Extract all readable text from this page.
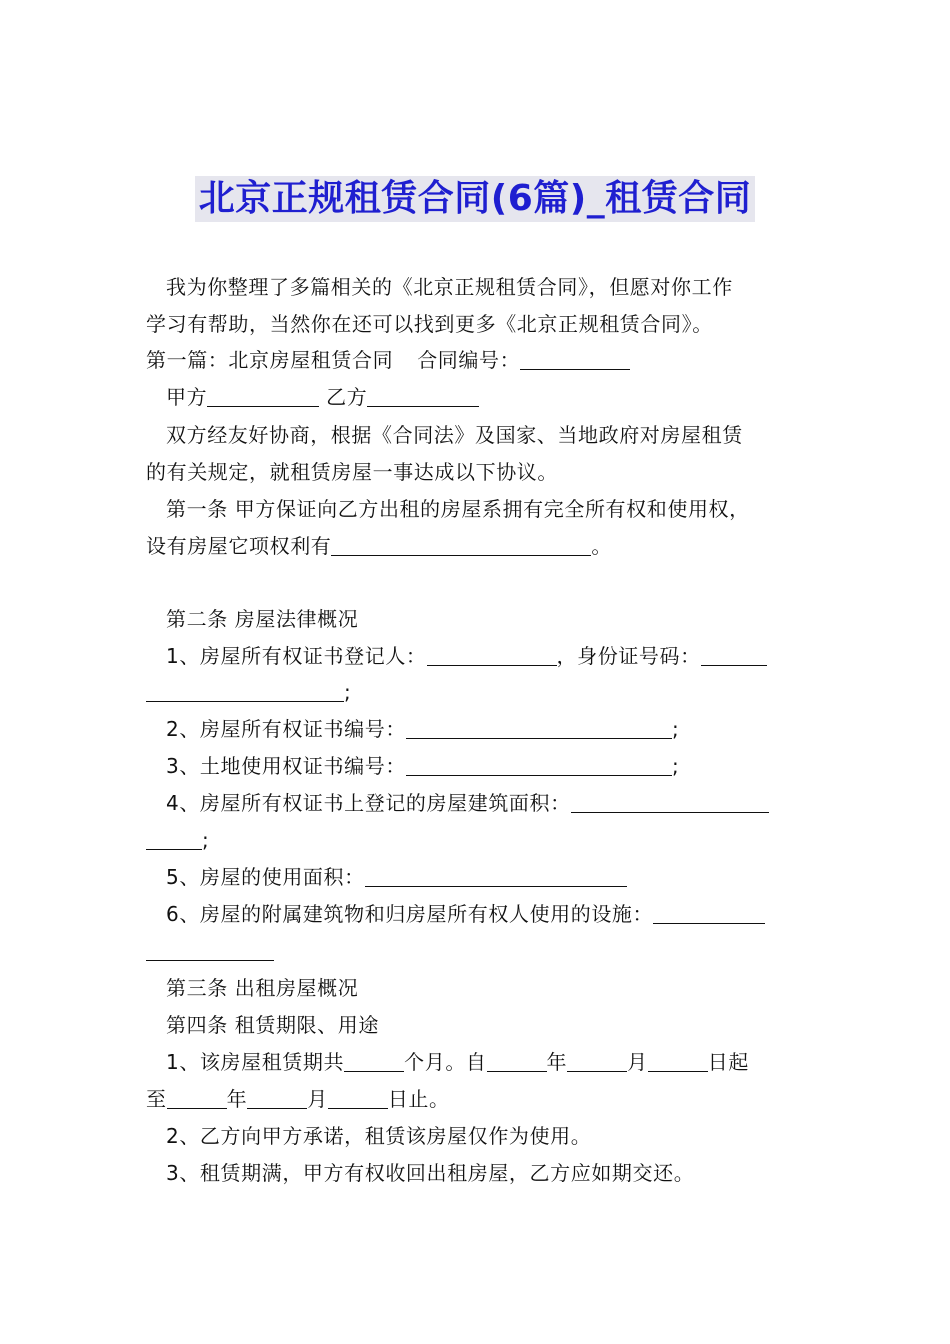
北京正规租赁合同(6篇)_租赁合同
我为你整理了多篇相关的《北京正规租赁合同》，但愿对你工作
学习有帮助，当然你在还可以找到更多《北京正规租赁合同》。
第一篇：北京房屋租赁合同 合同编号：
甲方	乙方
双方经友好协商，根据《合同法》及国家、当地政府对房屋租赁
的有关规定，就租赁房屋一事达成以下协议。
第一条 甲方保证向乙方出租的房屋系拥有完全所有权和使用权，
设有房屋它项权利有	。
第二条 房屋法律概况
1、房屋所有权证书登记人：	，身份证号码：
;
2、房屋所有权证书编号：	;
3、土地使用权证书编号：	;
4、房屋所有权证书上登记的房屋建筑面积：
;
5、房屋的使用面积：
6、房屋的附属建筑物和归房屋所有权人使用的设施：
第三条 出租房屋概况
第四条 租赁期限、用途
1、该房屋租赁期共	个月。自	年	月	日起
至	年	月	日止。
2、乙方向甲方承诺，租赁该房屋仅作为使用。
3、租赁期满，甲方有权收回出租房屋，乙方应如期交还。
